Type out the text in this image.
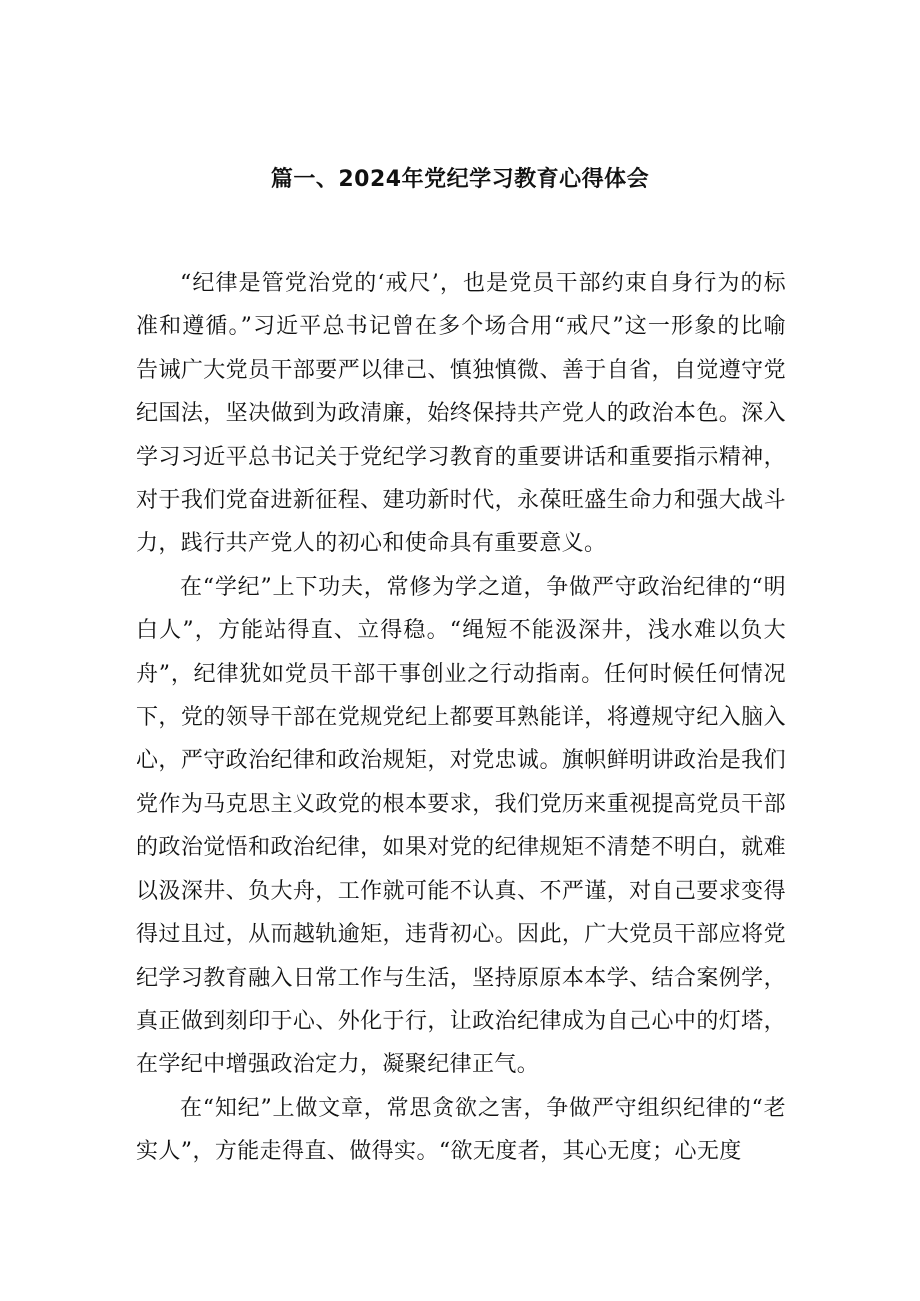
篇一、2024年党纪学习教育心得体会

“纪律是管党治党的‘戒尺’，也是党员干部约束自身行为的标准和遵循。”习近平总书记曾在多个场合用“戒尺”这一形象的比喻告诫广大党员干部要严以律己、慎独慎微、善于自省，自觉遵守党纪国法，坚决做到为政清廉，始终保持共产党人的政治本色。深入学习习近平总书记关于党纪学习教育的重要讲话和重要指示精神，对于我们党奋进新征程、建功新时代，永葆旺盛生命力和强大战斗力，践行共产党人的初心和使命具有重要意义。

在“学纪”上下功夫，常修为学之道，争做严守政治纪律的“明白人”，方能站得直、立得稳。“绳短不能汲深井，浅水难以负大舟”，纪律犹如党员干部干事创业之行动指南。任何时候任何情况下，党的领导干部在党规党纪上都要耳熟能详，将遵规守纪入脑入心，严守政治纪律和政治规矩，对党忠诚。旗帜鲜明讲政治是我们党作为马克思主义政党的根本要求，我们党历来重视提高党员干部的政治觉悟和政治纪律，如果对党的纪律规矩不清楚不明白，就难以汲深井、负大舟，工作就可能不认真、不严谨，对自己要求变得得过且过，从而越轨逾矩，违背初心。因此，广大党员干部应将党纪学习教育融入日常工作与生活，坚持原原本本学、结合案例学，真正做到刻印于心、外化于行，让政治纪律成为自己心中的灯塔，在学纪中增强政治定力，凝聚纪律正气。

在“知纪”上做文章，常思贪欲之害，争做严守组织纪律的“老实人”，方能走得直、做得实。“欲无度者，其心无度；心无度
